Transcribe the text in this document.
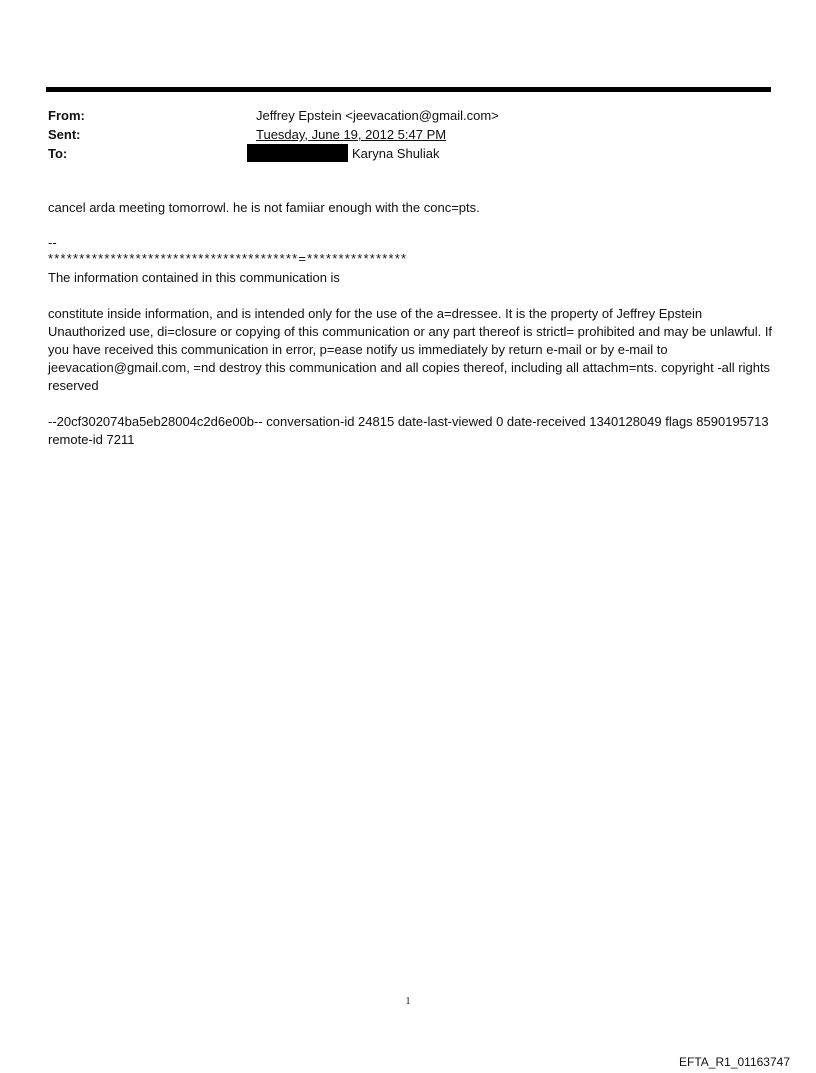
From:	Jeffrey Epstein <jeevacation@gmail.com>
Sent:	Tuesday, June 19, 2012 5:47 PM
To:	Karyna Shuliak
cancel arda meeting tomorrowl. he is not famiiar enough with the conc=pts.
--
****************************************=****************
The information contained in this communication is
constitute inside information, and is intended only for the use of the a=dressee. It is the property of Jeffrey Epstein Unauthorized use, di=closure or copying of this communication or any part thereof is strictl= prohibited and may be unlawful. If you have received this communication in error, p=ease notify us immediately by return e-mail or by e-mail to jeevacation@gmail.com, =nd destroy this communication and all copies thereof, including all attachm=nts. copyright -all rights reserved
--20cf302074ba5eb28004c2d6e00b-- conversation-id 24815 date-last-viewed 0 date-received 1340128049 flags 8590195713 remote-id 7211
1
EFTA_R1_01163747
